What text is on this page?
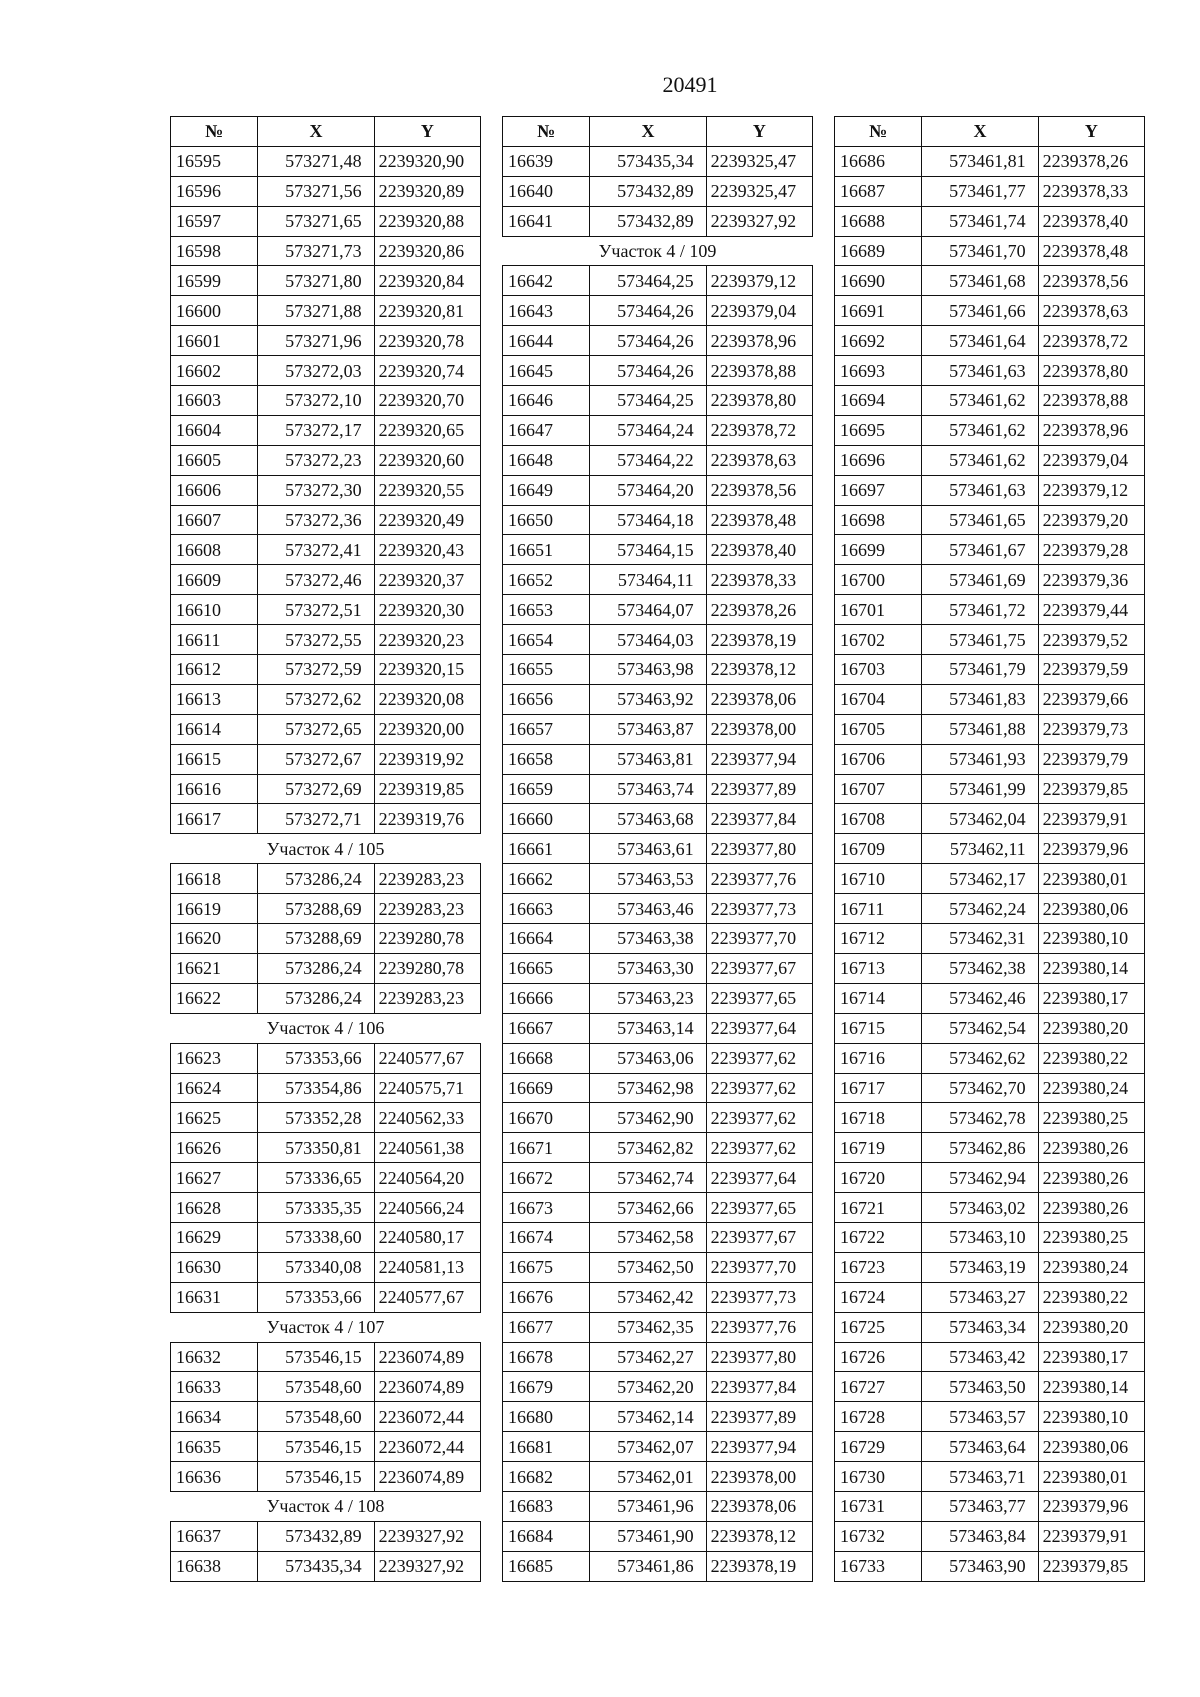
20491
№	X	Y
16595	573271,48	2239320,90
16596	573271,56	2239320,89
16597	573271,65	2239320,88
16598	573271,73	2239320,86
16599	573271,80	2239320,84
16600	573271,88	2239320,81
16601	573271,96	2239320,78
16602	573272,03	2239320,74
16603	573272,10	2239320,70
16604	573272,17	2239320,65
16605	573272,23	2239320,60
16606	573272,30	2239320,55
16607	573272,36	2239320,49
16608	573272,41	2239320,43
16609	573272,46	2239320,37
16610	573272,51	2239320,30
16611	573272,55	2239320,23
16612	573272,59	2239320,15
16613	573272,62	2239320,08
16614	573272,65	2239320,00
16615	573272,67	2239319,92
16616	573272,69	2239319,85
16617	573272,71	2239319,76
Участок 4 / 105		
16618	573286,24	2239283,23
16619	573288,69	2239283,23
16620	573288,69	2239280,78
16621	573286,24	2239280,78
16622	573286,24	2239283,23
Участок 4 / 106		
16623	573353,66	2240577,67
16624	573354,86	2240575,71
16625	573352,28	2240562,33
16626	573350,81	2240561,38
16627	573336,65	2240564,20
16628	573335,35	2240566,24
16629	573338,60	2240580,17
16630	573340,08	2240581,13
16631	573353,66	2240577,67
Участок 4 / 107		
16632	573546,15	2236074,89
16633	573548,60	2236074,89
16634	573548,60	2236072,44
16635	573546,15	2236072,44
16636	573546,15	2236074,89
Участок 4 / 108		
16637	573432,89	2239327,92
16638	573435,34	2239327,92
№	X	Y
16639	573435,34	2239325,47
16640	573432,89	2239325,47
16641	573432,89	2239327,92
Участок 4 / 109		
16642	573464,25	2239379,12
16643	573464,26	2239379,04
16644	573464,26	2239378,96
16645	573464,26	2239378,88
16646	573464,25	2239378,80
16647	573464,24	2239378,72
16648	573464,22	2239378,63
16649	573464,20	2239378,56
16650	573464,18	2239378,48
16651	573464,15	2239378,40
16652	573464,11	2239378,33
16653	573464,07	2239378,26
16654	573464,03	2239378,19
16655	573463,98	2239378,12
16656	573463,92	2239378,06
16657	573463,87	2239378,00
16658	573463,81	2239377,94
16659	573463,74	2239377,89
16660	573463,68	2239377,84
16661	573463,61	2239377,80
16662	573463,53	2239377,76
16663	573463,46	2239377,73
16664	573463,38	2239377,70
16665	573463,30	2239377,67
16666	573463,23	2239377,65
16667	573463,14	2239377,64
16668	573463,06	2239377,62
16669	573462,98	2239377,62
16670	573462,90	2239377,62
16671	573462,82	2239377,62
16672	573462,74	2239377,64
16673	573462,66	2239377,65
16674	573462,58	2239377,67
16675	573462,50	2239377,70
16676	573462,42	2239377,73
16677	573462,35	2239377,76
16678	573462,27	2239377,80
16679	573462,20	2239377,84
16680	573462,14	2239377,89
16681	573462,07	2239377,94
16682	573462,01	2239378,00
16683	573461,96	2239378,06
16684	573461,90	2239378,12
16685	573461,86	2239378,19
№	X	Y
16686	573461,81	2239378,26
16687	573461,77	2239378,33
16688	573461,74	2239378,40
16689	573461,70	2239378,48
16690	573461,68	2239378,56
16691	573461,66	2239378,63
16692	573461,64	2239378,72
16693	573461,63	2239378,80
16694	573461,62	2239378,88
16695	573461,62	2239378,96
16696	573461,62	2239379,04
16697	573461,63	2239379,12
16698	573461,65	2239379,20
16699	573461,67	2239379,28
16700	573461,69	2239379,36
16701	573461,72	2239379,44
16702	573461,75	2239379,52
16703	573461,79	2239379,59
16704	573461,83	2239379,66
16705	573461,88	2239379,73
16706	573461,93	2239379,79
16707	573461,99	2239379,85
16708	573462,04	2239379,91
16709	573462,11	2239379,96
16710	573462,17	2239380,01
16711	573462,24	2239380,06
16712	573462,31	2239380,10
16713	573462,38	2239380,14
16714	573462,46	2239380,17
16715	573462,54	2239380,20
16716	573462,62	2239380,22
16717	573462,70	2239380,24
16718	573462,78	2239380,25
16719	573462,86	2239380,26
16720	573462,94	2239380,26
16721	573463,02	2239380,26
16722	573463,10	2239380,25
16723	573463,19	2239380,24
16724	573463,27	2239380,22
16725	573463,34	2239380,20
16726	573463,42	2239380,17
16727	573463,50	2239380,14
16728	573463,57	2239380,10
16729	573463,64	2239380,06
16730	573463,71	2239380,01
16731	573463,77	2239379,96
16732	573463,84	2239379,91
16733	573463,90	2239379,85
